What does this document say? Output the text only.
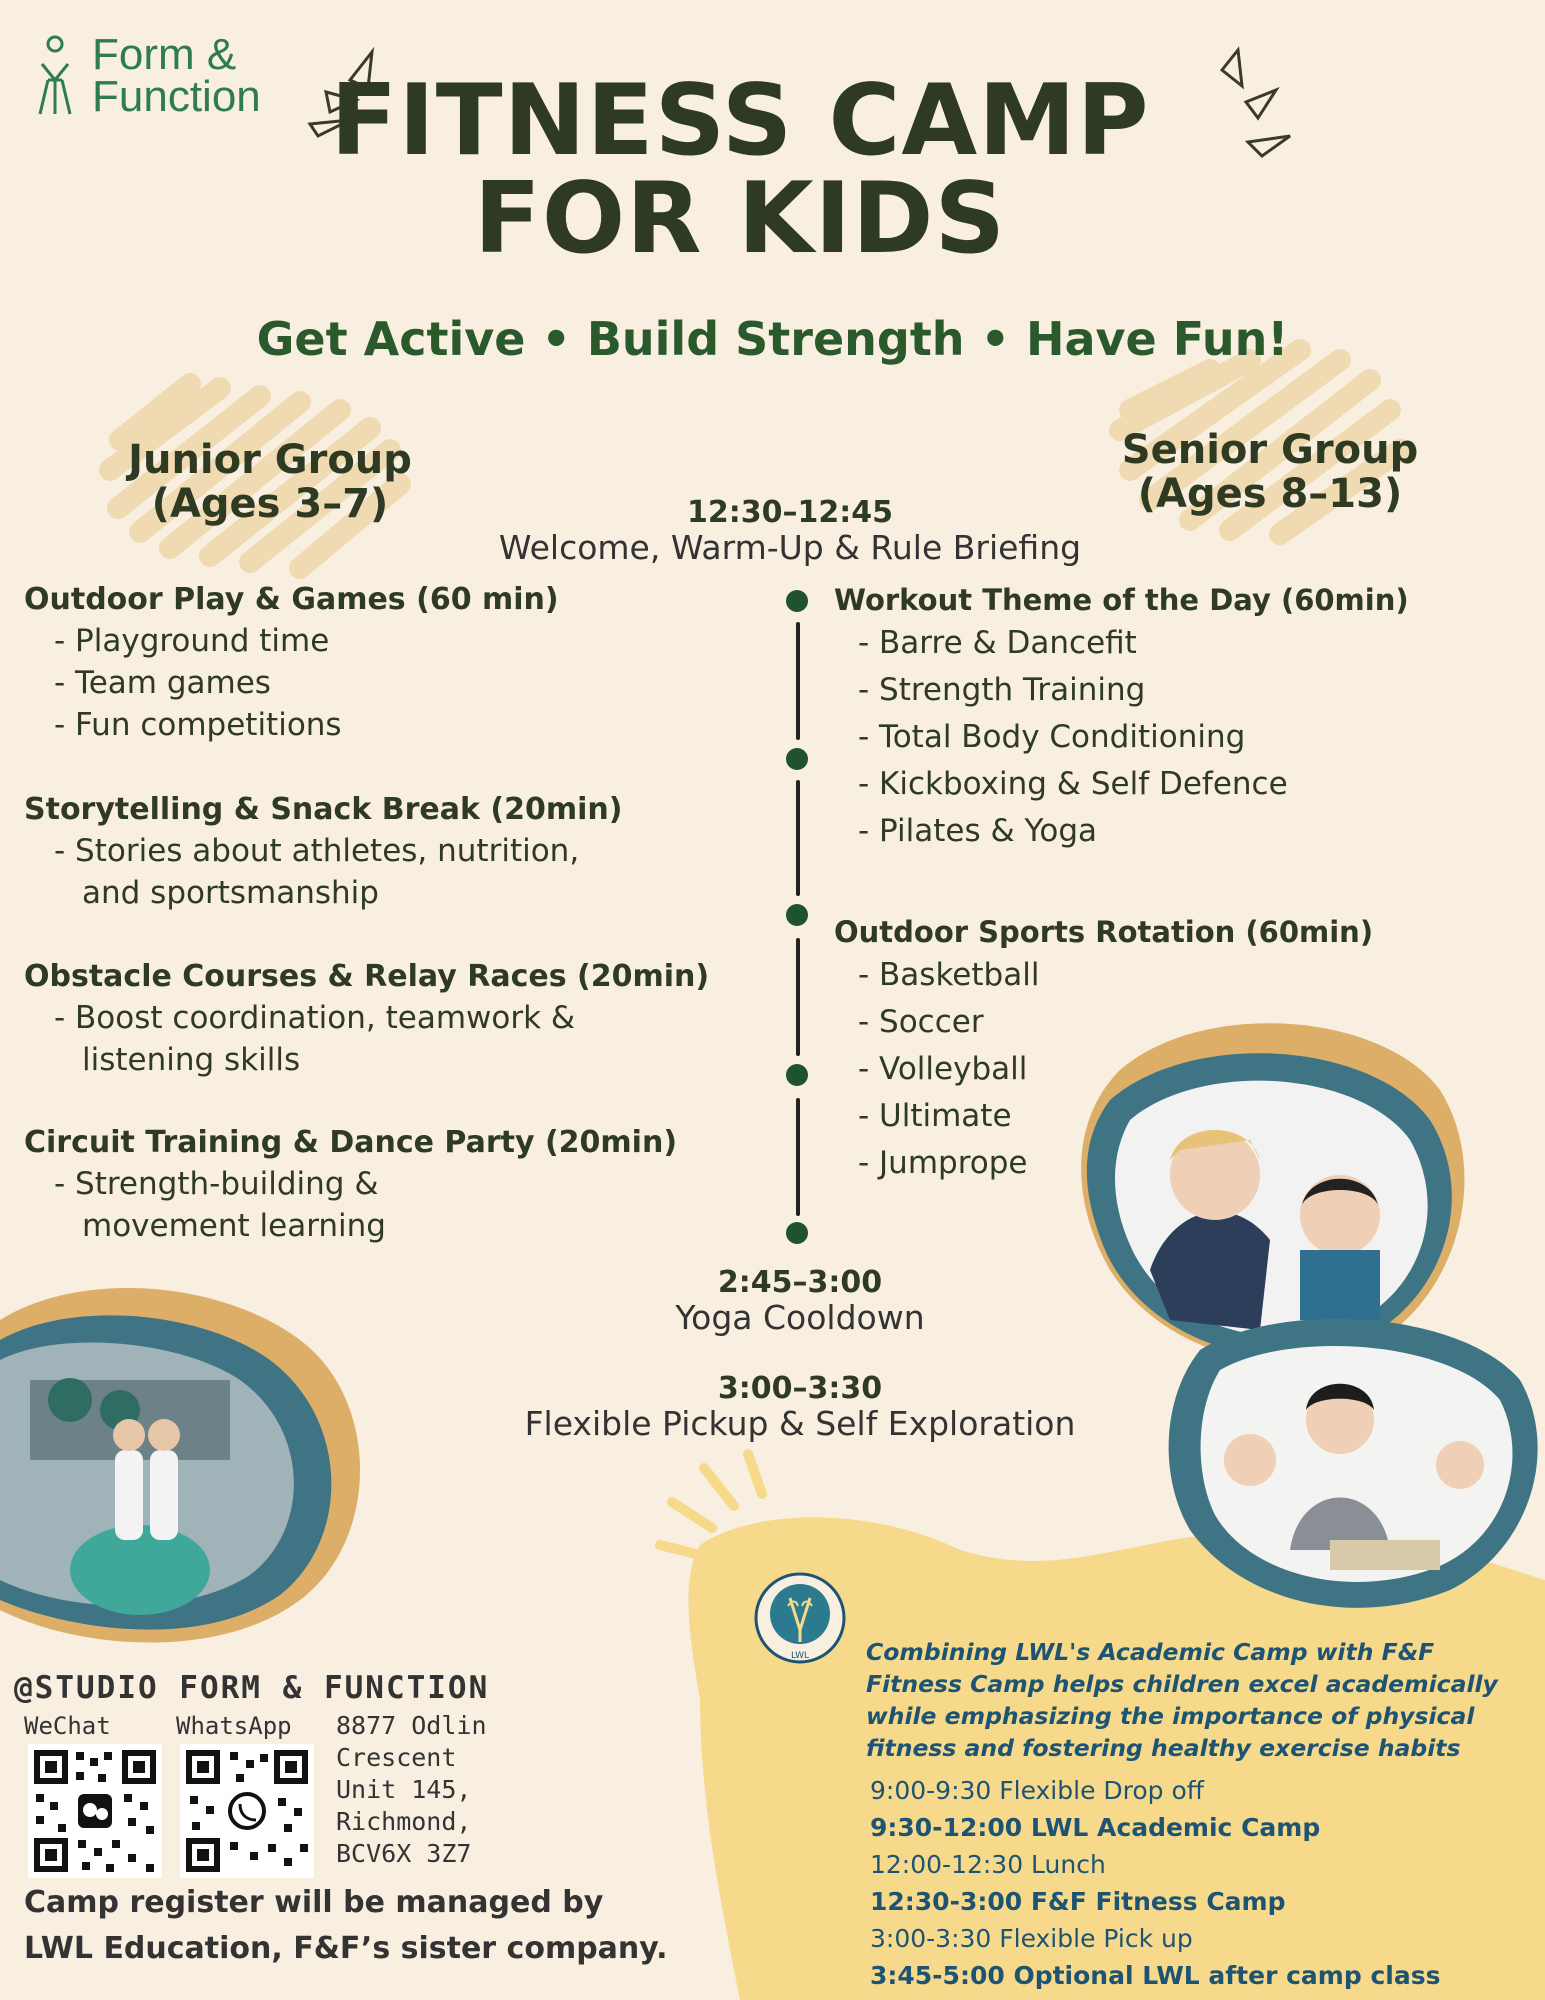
Form &
Function FITNESS CAMP
FOR KIDS
Get Active • Build Strength • Have Fun!
Junior Group
(Ages 3–7)
Senior Group
(Ages 8–13)
12:30–12:45
Welcome, Warm-Up & Rule Briefing
Outdoor Play & Games (60 min)
- Playground time
- Team games
- Fun competitions
Storytelling & Snack Break (20min)
- Stories about athletes, nutrition,
and sportsmanship
Obstacle Courses & Relay Races (20min)
- Boost coordination, teamwork &
listening skills
Circuit Training & Dance Party (20min)
- Strength-building &
movement learning
Workout Theme of the Day (60min)
- Barre & Dancefit
- Strength Training
- Total Body Conditioning
- Kickboxing & Self Defence
- Pilates & Yoga
Outdoor Sports Rotation (60min)
- Basketball
- Soccer
- Volleyball
- Ultimate
- Jumprope
2:45–3:00
Yoga Cooldown
3:00–3:30
Flexible Pickup & Self Exploration
@STUDIO FORM & FUNCTION
WeChat	WhatsApp 8877 Odlin
Crescent
Unit 145,
Richmond,
BCV6X 3Z7
Camp register will be managed by
LWL Education, F&F’s sister company.
LWL Combining LWL's Academic Camp with F&F Fitness Camp helps children excel academically while emphasizing the importance of physical fitness and fostering healthy exercise habits
9:00-9:30 Flexible Drop off
9:30-12:00 LWL Academic Camp
12:00-12:30 Lunch
12:30-3:00 F&F Fitness Camp
3:00-3:30 Flexible Pick up
3:45-5:00 Optional LWL after camp class
